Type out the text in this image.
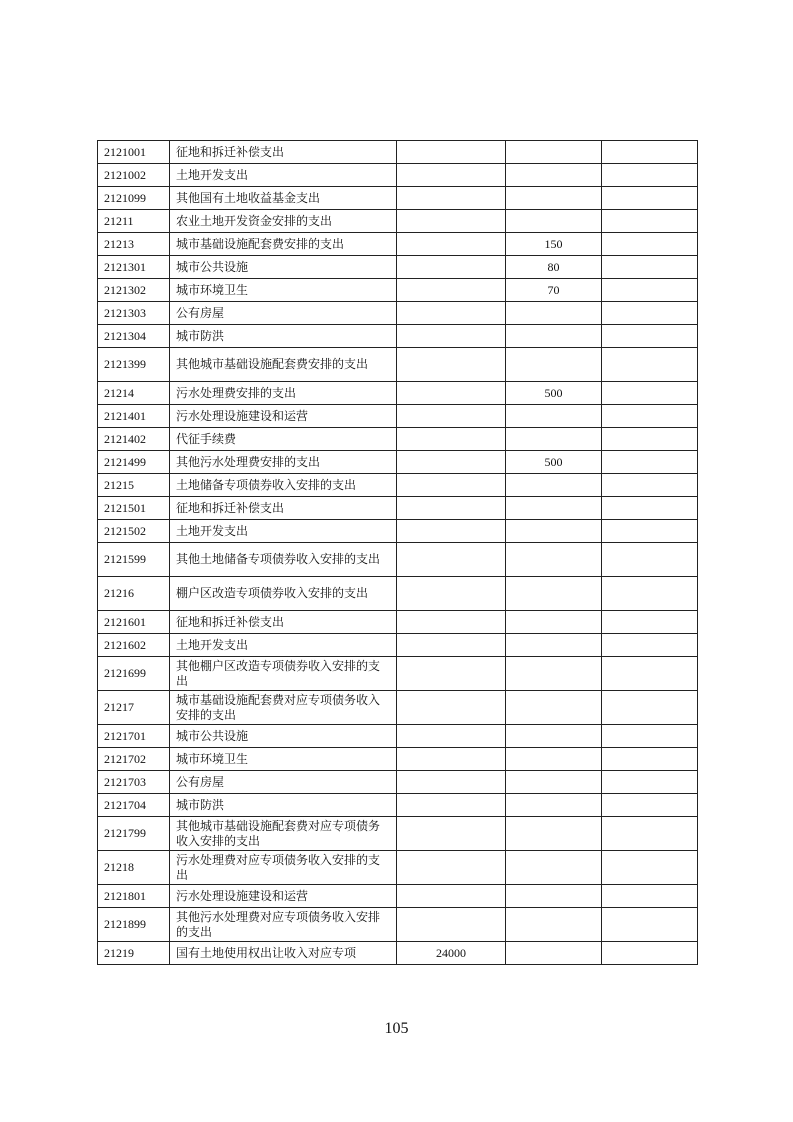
2121001	征地和拆迁补偿支出			
2121002	土地开发支出			
2121099	其他国有土地收益基金支出			
21211	农业土地开发资金安排的支出			
21213	城市基础设施配套费安排的支出		150	
2121301	城市公共设施		80	
2121302	城市环境卫生		70	
2121303	公有房屋			
2121304	城市防洪			
2121399	其他城市基础设施配套费安排的支出			
21214	污水处理费安排的支出		500	
2121401	污水处理设施建设和运营			
2121402	代征手续费			
2121499	其他污水处理费安排的支出		500	
21215	土地储备专项债券收入安排的支出			
2121501	征地和拆迁补偿支出			
2121502	土地开发支出			
2121599	其他土地储备专项债券收入安排的支出			
21216	棚户区改造专项债券收入安排的支出			
2121601	征地和拆迁补偿支出			
2121602	土地开发支出			
2121699	其他棚户区改造专项债券收入安排的支出			
21217	城市基础设施配套费对应专项债务收入安排的支出			
2121701	城市公共设施			
2121702	城市环境卫生			
2121703	公有房屋			
2121704	城市防洪			
2121799	其他城市基础设施配套费对应专项债务收入安排的支出			
21218	污水处理费对应专项债务收入安排的支出			
2121801	污水处理设施建设和运营			
2121899	其他污水处理费对应专项债务收入安排的支出			
21219	国有土地使用权出让收入对应专项	24000		
105
